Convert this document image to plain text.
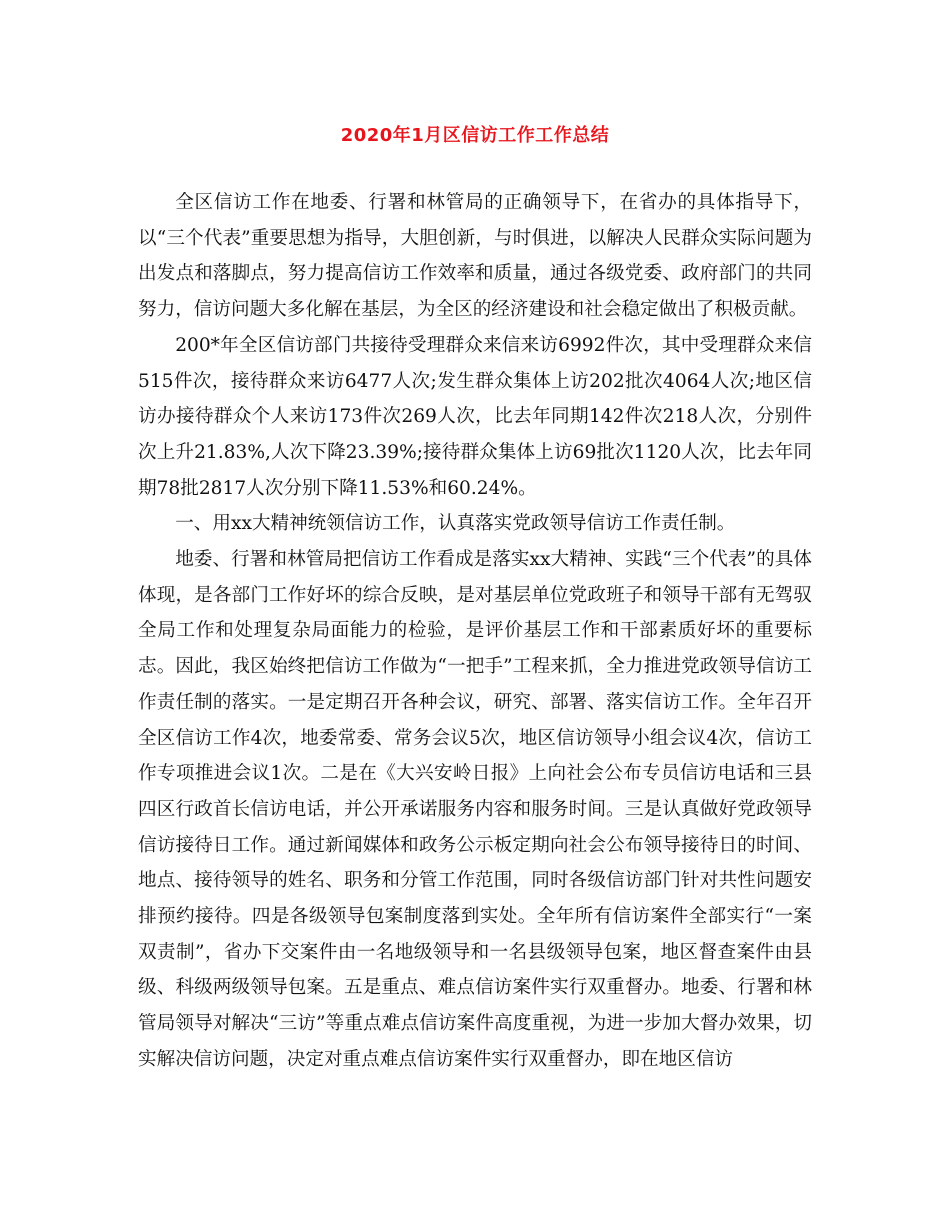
2020年1月区信访工作工作总结

全区信访工作在地委、行署和林管局的正确领导下，在省办的具体指导下，以“三个代表”重要思想为指导，大胆创新，与时俱进，以解决人民群众实际问题为出发点和落脚点，努力提高信访工作效率和质量，通过各级党委、政府部门的共同努力，信访问题大多化解在基层，为全区的经济建设和社会稳定做出了积极贡献。

200*年全区信访部门共接待受理群众来信来访6992件次，其中受理群众来信515件次，接待群众来访6477人次;发生群众集体上访202批次4064人次;地区信访办接待群众个人来访173件次269人次，比去年同期142件次218人次，分别件次上升21.83%,人次下降23.39%;接待群众集体上访69批次1120人次，比去年同期78批2817人次分别下降11.53%和60.24%。

一、用xx大精神统领信访工作，认真落实党政领导信访工作责任制。

地委、行署和林管局把信访工作看成是落实xx大精神、实践“三个代表”的具体体现，是各部门工作好坏的综合反映，是对基层单位党政班子和领导干部有无驾驭全局工作和处理复杂局面能力的检验，是评价基层工作和干部素质好坏的重要标志。因此，我区始终把信访工作做为“一把手”工程来抓，全力推进党政领导信访工作责任制的落实。一是定期召开各种会议，研究、部署、落实信访工作。全年召开全区信访工作4次，地委常委、常务会议5次，地区信访领导小组会议4次，信访工作专项推进会议1次。二是在《大兴安岭日报》上向社会公布专员信访电话和三县四区行政首长信访电话，并公开承诺服务内容和服务时间。三是认真做好党政领导信访接待日工作。通过新闻媒体和政务公示板定期向社会公布领导接待日的时间、地点、接待领导的姓名、职务和分管工作范围，同时各级信访部门针对共性问题安排预约接待。四是各级领导包案制度落到实处。全年所有信访案件全部实行“一案双责制”，省办下交案件由一名地级领导和一名县级领导包案，地区督查案件由县级、科级两级领导包案。五是重点、难点信访案件实行双重督办。地委、行署和林管局领导对解决“三访”等重点难点信访案件高度重视，为进一步加大督办效果，切实解决信访问题，决定对重点难点信访案件实行双重督办，即在地区信访
